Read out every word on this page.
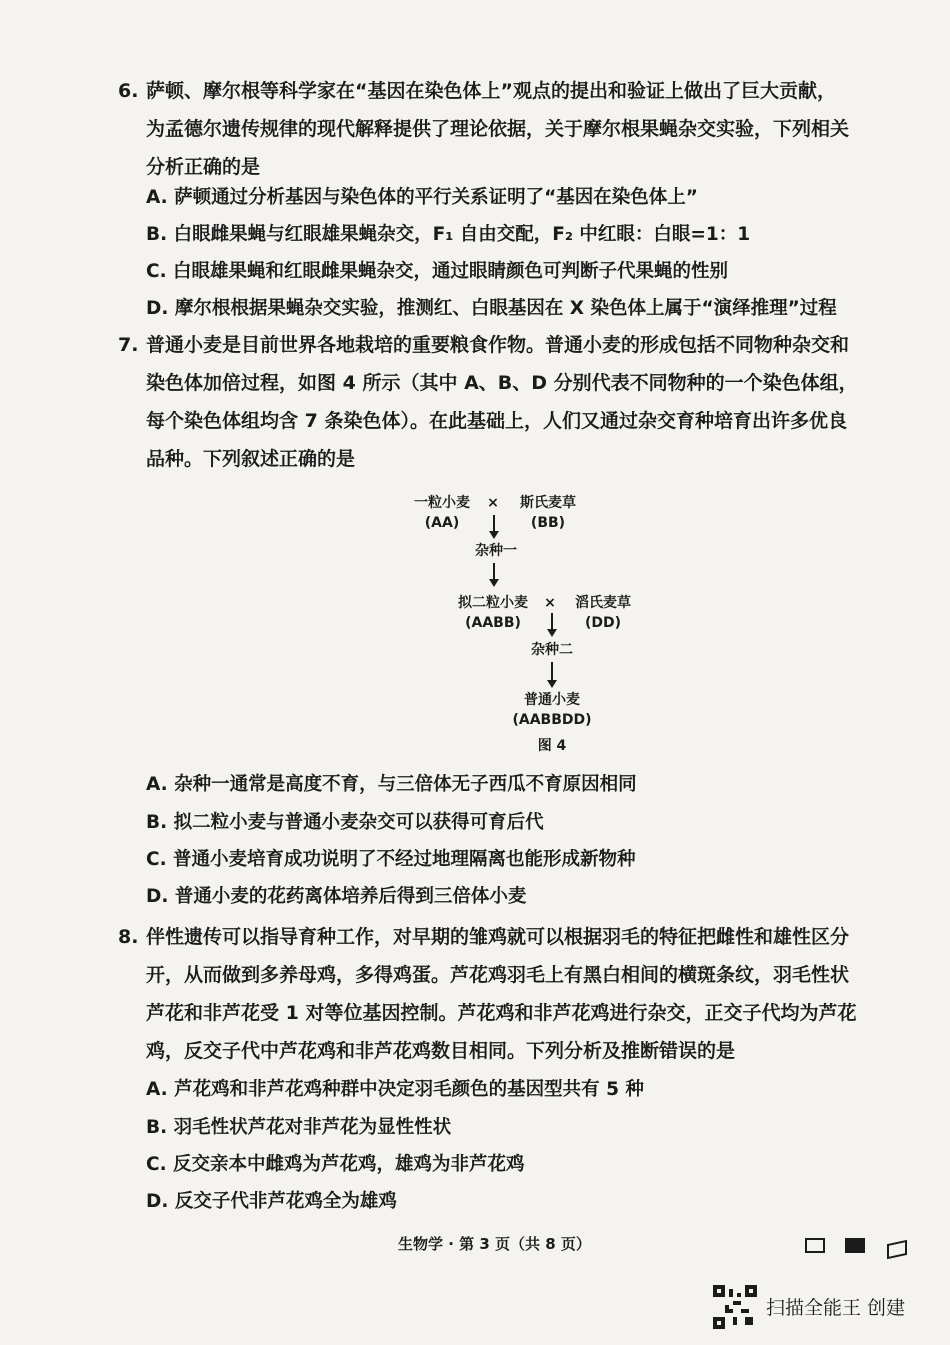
6. 萨顿、摩尔根等科学家在“基因在染色体上”观点的提出和验证上做出了巨大贡献，
为孟德尔遗传规律的现代解释提供了理论依据，关于摩尔根果蝇杂交实验，下列相关
分析正确的是
A. 萨顿通过分析基因与染色体的平行关系证明了“基因在染色体上”
B. 白眼雌果蝇与红眼雄果蝇杂交，F₁ 自由交配，F₂ 中红眼：白眼=1：1
C. 白眼雄果蝇和红眼雌果蝇杂交，通过眼睛颜色可判断子代果蝇的性别
D. 摩尔根根据果蝇杂交实验，推测红、白眼基因在 X 染色体上属于“演绎推理”过程
7. 普通小麦是目前世界各地栽培的重要粮食作物。普通小麦的形成包括不同物种杂交和
染色体加倍过程，如图 4 所示（其中 A、B、D 分别代表不同物种的一个染色体组，
每个染色体组均含 7 条染色体）。在此基础上，人们又通过杂交育种培育出许多优良
品种。下列叙述正确的是
一粒小麦
(AA)
×	斯氏麦草
(BB)
杂种一
拟二粒小麦
(AABB)
×	滔氏麦草
(DD)
杂种二
普通小麦
(AABBDD)
图 4
A. 杂种一通常是高度不育，与三倍体无子西瓜不育原因相同
B. 拟二粒小麦与普通小麦杂交可以获得可育后代
C. 普通小麦培育成功说明了不经过地理隔离也能形成新物种
D. 普通小麦的花药离体培养后得到三倍体小麦
8. 伴性遗传可以指导育种工作，对早期的雏鸡就可以根据羽毛的特征把雌性和雄性区分
开，从而做到多养母鸡，多得鸡蛋。芦花鸡羽毛上有黑白相间的横斑条纹，羽毛性状
芦花和非芦花受 1 对等位基因控制。芦花鸡和非芦花鸡进行杂交，正交子代均为芦花
鸡，反交子代中芦花鸡和非芦花鸡数目相同。下列分析及推断错误的是
A. 芦花鸡和非芦花鸡种群中决定羽毛颜色的基因型共有 5 种
B. 羽毛性状芦花对非芦花为显性性状
C. 反交亲本中雌鸡为芦花鸡，雄鸡为非芦花鸡
D. 反交子代非芦花鸡全为雄鸡
生物学 · 第 3 页（共 8 页）
扫描全能王 创建
